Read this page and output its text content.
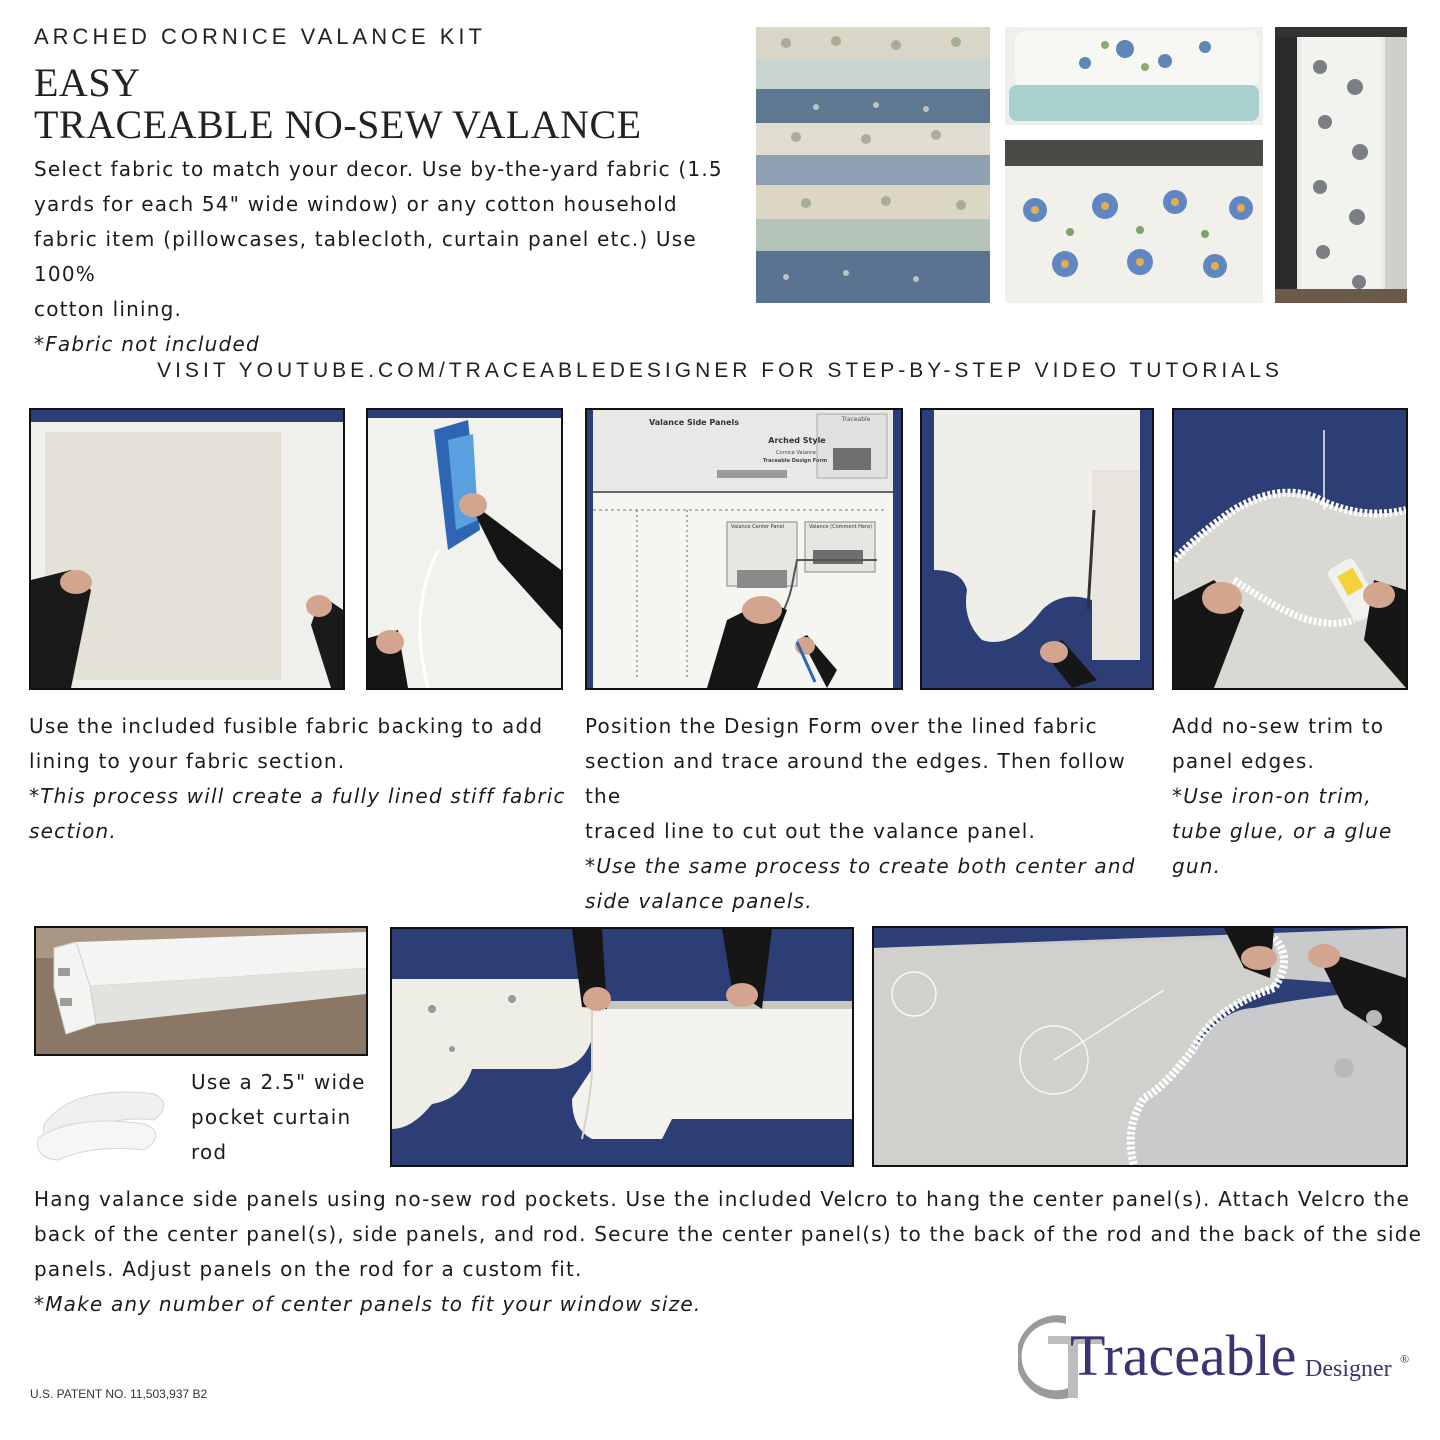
ARCHED CORNICE VALANCE KIT
EASY
TRACEABLE NO-SEW VALANCE

Select fabric to match your decor. Use by-the-yard fabric (1.5

yards for each 54" wide window) or any cotton household

fabric item (pillowcases, tablecloth, curtain panel etc.) Use 100%

cotton lining.

*Fabric not included

VISIT YOUTUBE.COM/TRACEABLEDESIGNER FOR STEP-BY-STEP VIDEO TUTORIALS
Valance Side Panels	Traceable
Arched Style
Cornice Valance
Traceable Design Form
Valance Center Panel	Valance (Comment Here)

Use the included fusible fabric backing to add

lining to your fabric section.

*This process will create a fully lined stiff fabric

section.

Position the Design Form over the lined fabric

section and trace around the edges. Then follow the

traced line to cut out the valance panel.

*Use the same process to create both center and

side valance panels.

Add no-sew trim to

panel edges.

*Use iron-on trim,

tube glue, or a glue

gun.

Use a 2.5" wide

pocket curtain

rod

Hang valance side panels using no-sew rod pockets. Use the included Velcro to hang the center panel(s). Attach Velcro the

back of the center panel(s), side panels, and rod. Secure the center panel(s) to the back of the rod and the back of the side

panels. Adjust panels on the rod for a custom fit.

*Make any number of center panels to fit your window size.

U.S. PATENT NO. 11,503,937 B2
Traceable Designer ®
